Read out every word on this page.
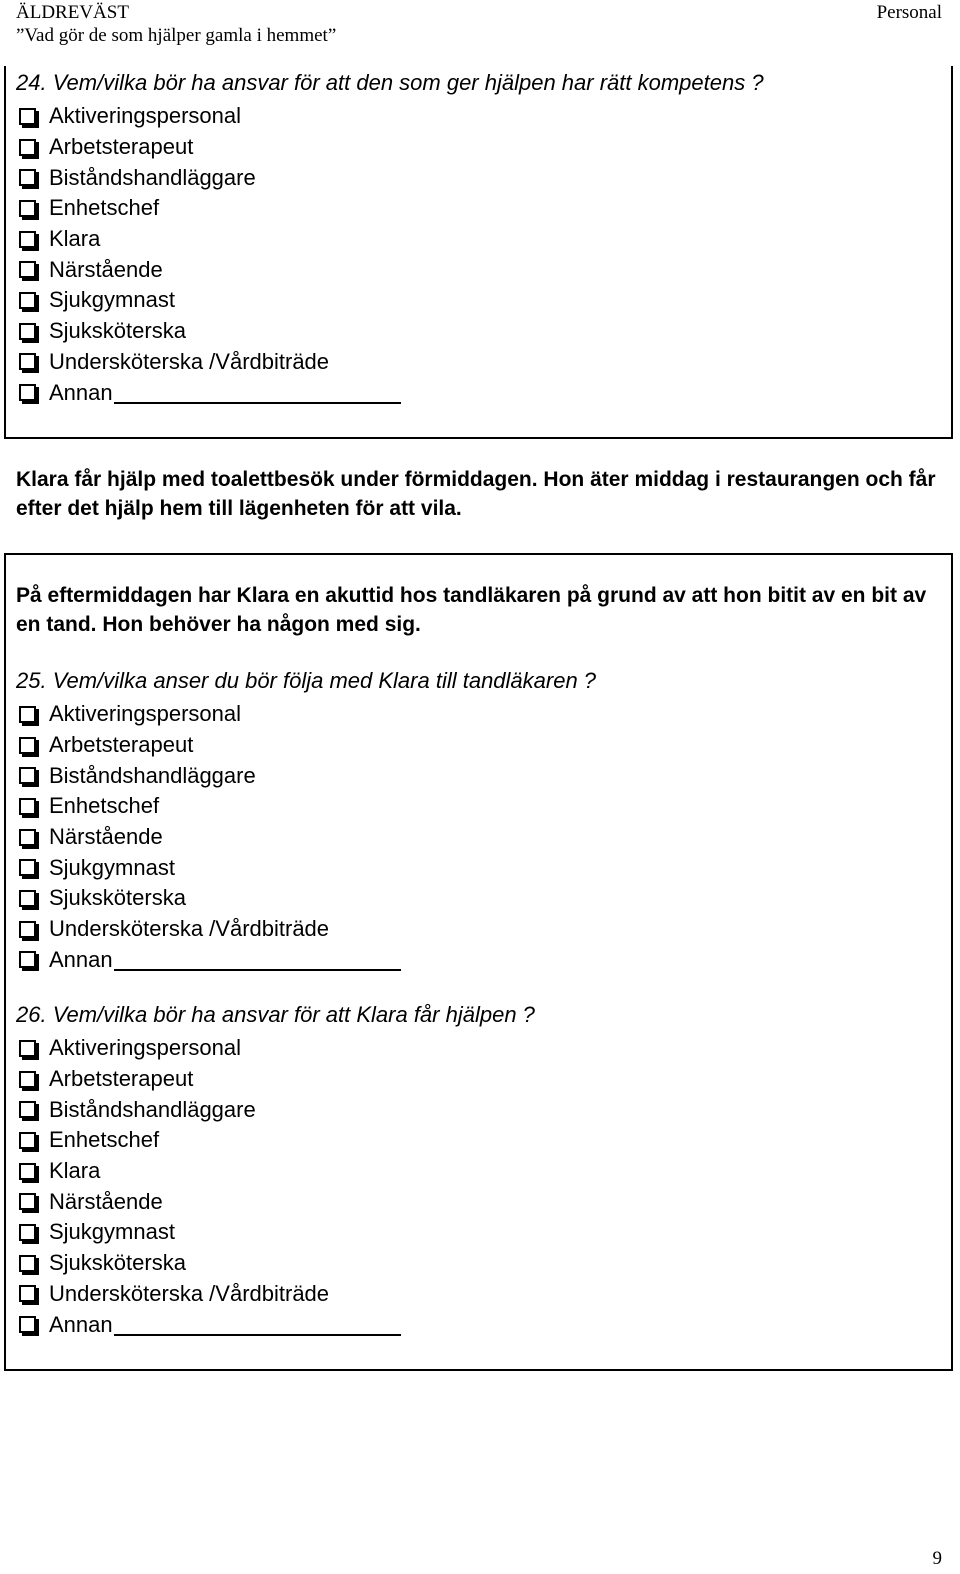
ÄLDREVÄST
”Vad gör de som hjälper gamla i hemmet”
Personal
24. Vem/vilka bör ha ansvar för att den som ger hjälpen har rätt kompetens ?
Aktiveringspersonal
Arbetsterapeut
Biståndshandläggare
Enhetschef
Klara
Närstående
Sjukgymnast
Sjuksköterska
Undersköterska /Vårdbiträde
Annan
Klara får hjälp med toalettbesök under förmiddagen. Hon äter middag i restaurangen och får efter det hjälp hem till lägenheten för att vila.
På eftermiddagen har Klara en akuttid hos tandläkaren på grund av att hon bitit av en bit av en tand. Hon behöver ha någon med sig.
25. Vem/vilka anser du bör följa med Klara till tandläkaren ?
Aktiveringspersonal
Arbetsterapeut
Biståndshandläggare
Enhetschef
Närstående
Sjukgymnast
Sjuksköterska
Undersköterska /Vårdbiträde
Annan
26. Vem/vilka bör ha ansvar för att Klara får hjälpen ?
Aktiveringspersonal
Arbetsterapeut
Biståndshandläggare
Enhetschef
Klara
Närstående
Sjukgymnast
Sjuksköterska
Undersköterska /Vårdbiträde
Annan
9
